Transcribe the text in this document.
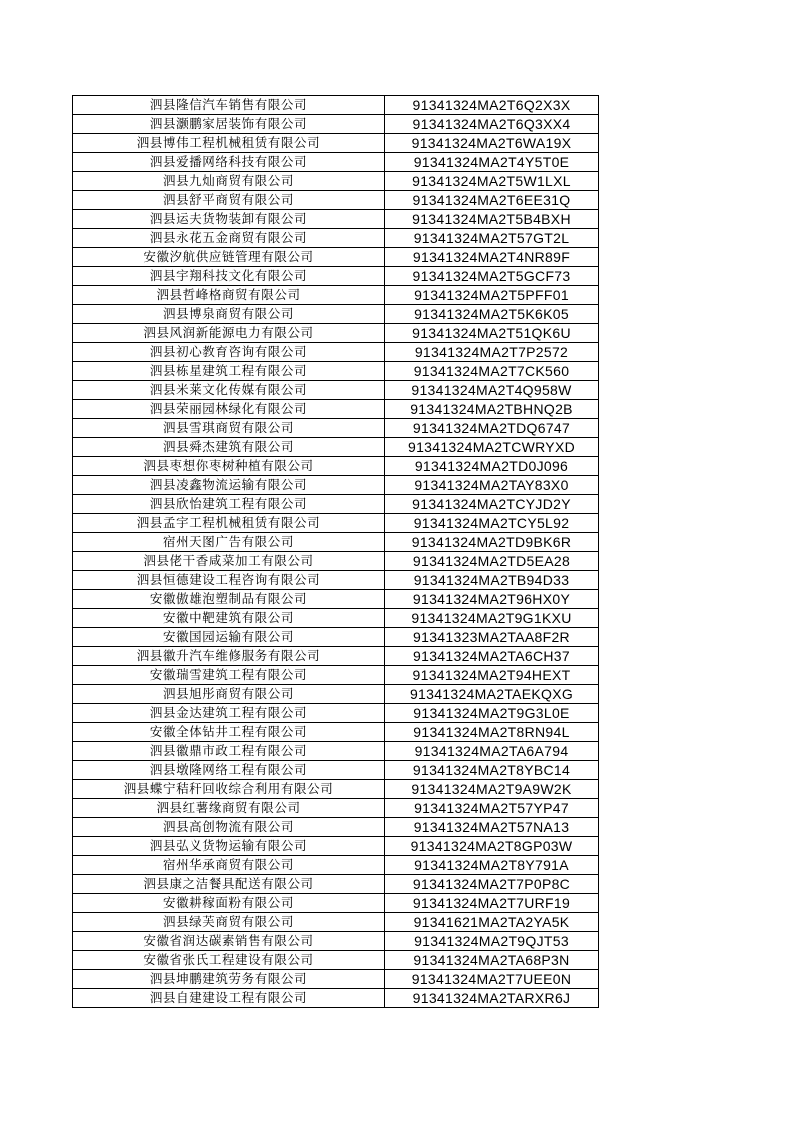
泗县隆信汽车销售有限公司	91341324MA2T6Q2X3X
泗县灏鹏家居装饰有限公司	91341324MA2T6Q3XX4
泗县博伟工程机械租赁有限公司	91341324MA2T6WA19X
泗县爱播网络科技有限公司	91341324MA2T4Y5T0E
泗县九灿商贸有限公司	91341324MA2T5W1LXL
泗县舒平商贸有限公司	91341324MA2T6EE31Q
泗县运夫货物装卸有限公司	91341324MA2T5B4BXH
泗县永花五金商贸有限公司	91341324MA2T57GT2L
安徽汐航供应链管理有限公司	91341324MA2T4NR89F
泗县宇翔科技文化有限公司	91341324MA2T5GCF73
泗县哲峰格商贸有限公司	91341324MA2T5PFF01
泗县博泉商贸有限公司	91341324MA2T5K6K05
泗县风润新能源电力有限公司	91341324MA2T51QK6U
泗县初心教育咨询有限公司	91341324MA2T7P2572
泗县栋星建筑工程有限公司	91341324MA2T7CK560
泗县米莱文化传媒有限公司	91341324MA2T4Q958W
泗县荣丽园林绿化有限公司	91341324MA2TBHNQ2B
泗县雪琪商贸有限公司	91341324MA2TDQ6747
泗县舜杰建筑有限公司	91341324MA2TCWRYXD
泗县枣想你枣树种植有限公司	91341324MA2TD0J096
泗县凌鑫物流运输有限公司	91341324MA2TAY83X0
泗县欣怡建筑工程有限公司	91341324MA2TCYJD2Y
泗县孟宇工程机械租赁有限公司	91341324MA2TCY5L92
宿州天图广告有限公司	91341324MA2TD9BK6R
泗县佬干香咸菜加工有限公司	91341324MA2TD5EA28
泗县恒德建设工程咨询有限公司	91341324MA2TB94D33
安徽傲雄泡塑制品有限公司	91341324MA2T96HX0Y
安徽中靶建筑有限公司	91341324MA2T9G1KXU
安徽国园运输有限公司	91341323MA2TAA8F2R
泗县徽升汽车维修服务有限公司	91341324MA2TA6CH37
安徽瑞雪建筑工程有限公司	91341324MA2T94HEXT
泗县旭彤商贸有限公司	91341324MA2TAEKQXG
泗县金达建筑工程有限公司	91341324MA2T9G3L0E
安徽全体钻井工程有限公司	91341324MA2T8RN94L
泗县徽鼎市政工程有限公司	91341324MA2TA6A794
泗县墩隆网络工程有限公司	91341324MA2T8YBC14
泗县蝶宁秸秆回收综合利用有限公司	91341324MA2T9A9W2K
泗县红薯缘商贸有限公司	91341324MA2T57YP47
泗县高创物流有限公司	91341324MA2T57NA13
泗县弘义货物运输有限公司	91341324MA2T8GP03W
宿州华承商贸有限公司	91341324MA2T8Y791A
泗县康之洁餐具配送有限公司	91341324MA2T7P0P8C
安徽耕稼面粉有限公司	91341324MA2T7URF19
泗县绿芙商贸有限公司	91341621MA2TA2YA5K
安徽省润达碳素销售有限公司	91341324MA2T9QJT53
安徽省张氏工程建设有限公司	91341324MA2TA68P3N
泗县坤鹏建筑劳务有限公司	91341324MA2T7UEE0N
泗县自建建设工程有限公司	91341324MA2TARXR6J
